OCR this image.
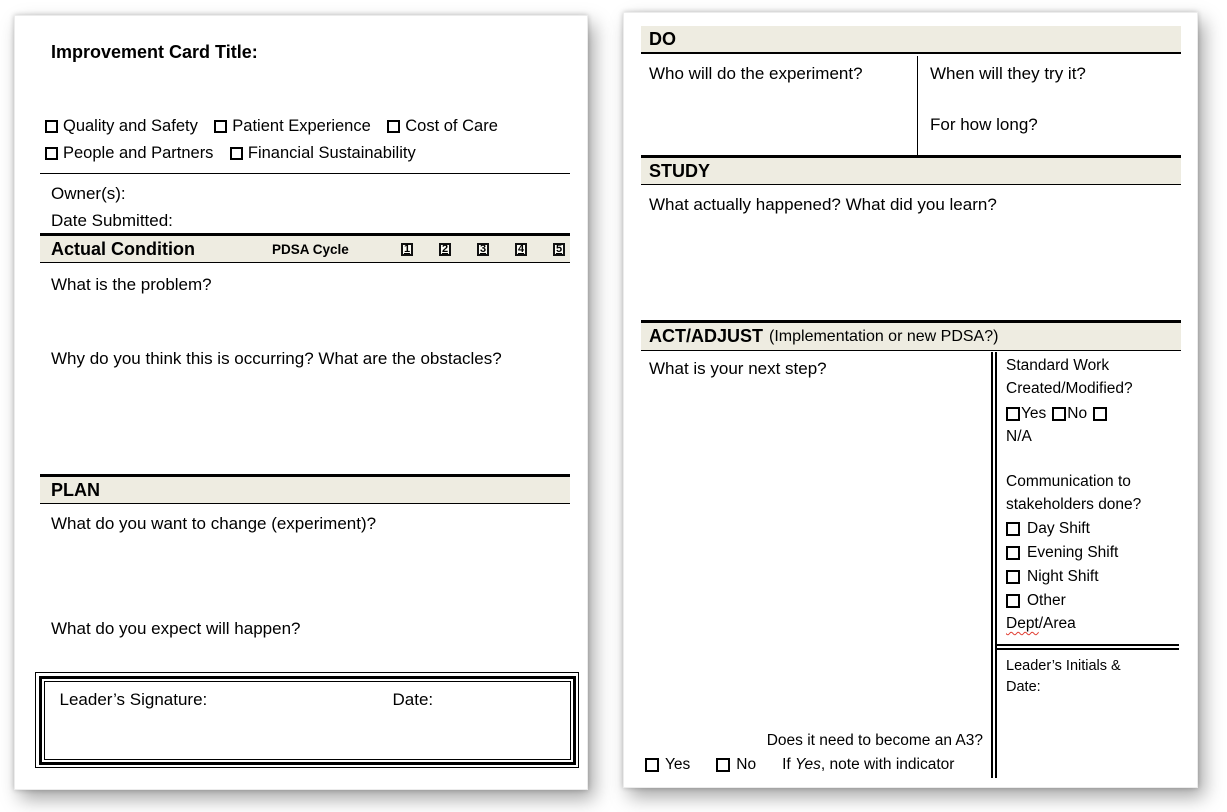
Improvement Card Title:
Quality and Safety
Patient Experience
Cost of Care
People and Partners
Financial Sustainability
Owner(s):
Date Submitted:
Actual Condition	PDSA Cycle	1	2	3	4	5
What is the problem?
Why do you think this is occurring? What are the obstacles?
PLAN
What do you want to change (experiment)?
What do you expect will happen?
Leader’s Signature:	Date:
DO
Who will do the experiment?	When will they try it?
For how long?
STUDY
What actually happened? What did you learn?
ACT/ADJUST (Implementation or new PDSA?)
What is your next step?
Does it need to become an A3?
Yes	No If Yes, note with indicator
Standard Work Created/Modified?
Yes No
N/A
Communication to stakeholders done?
Day Shift
Evening Shift
Night Shift
Other
Dept/Area
Leader’s Initials &
Date:
